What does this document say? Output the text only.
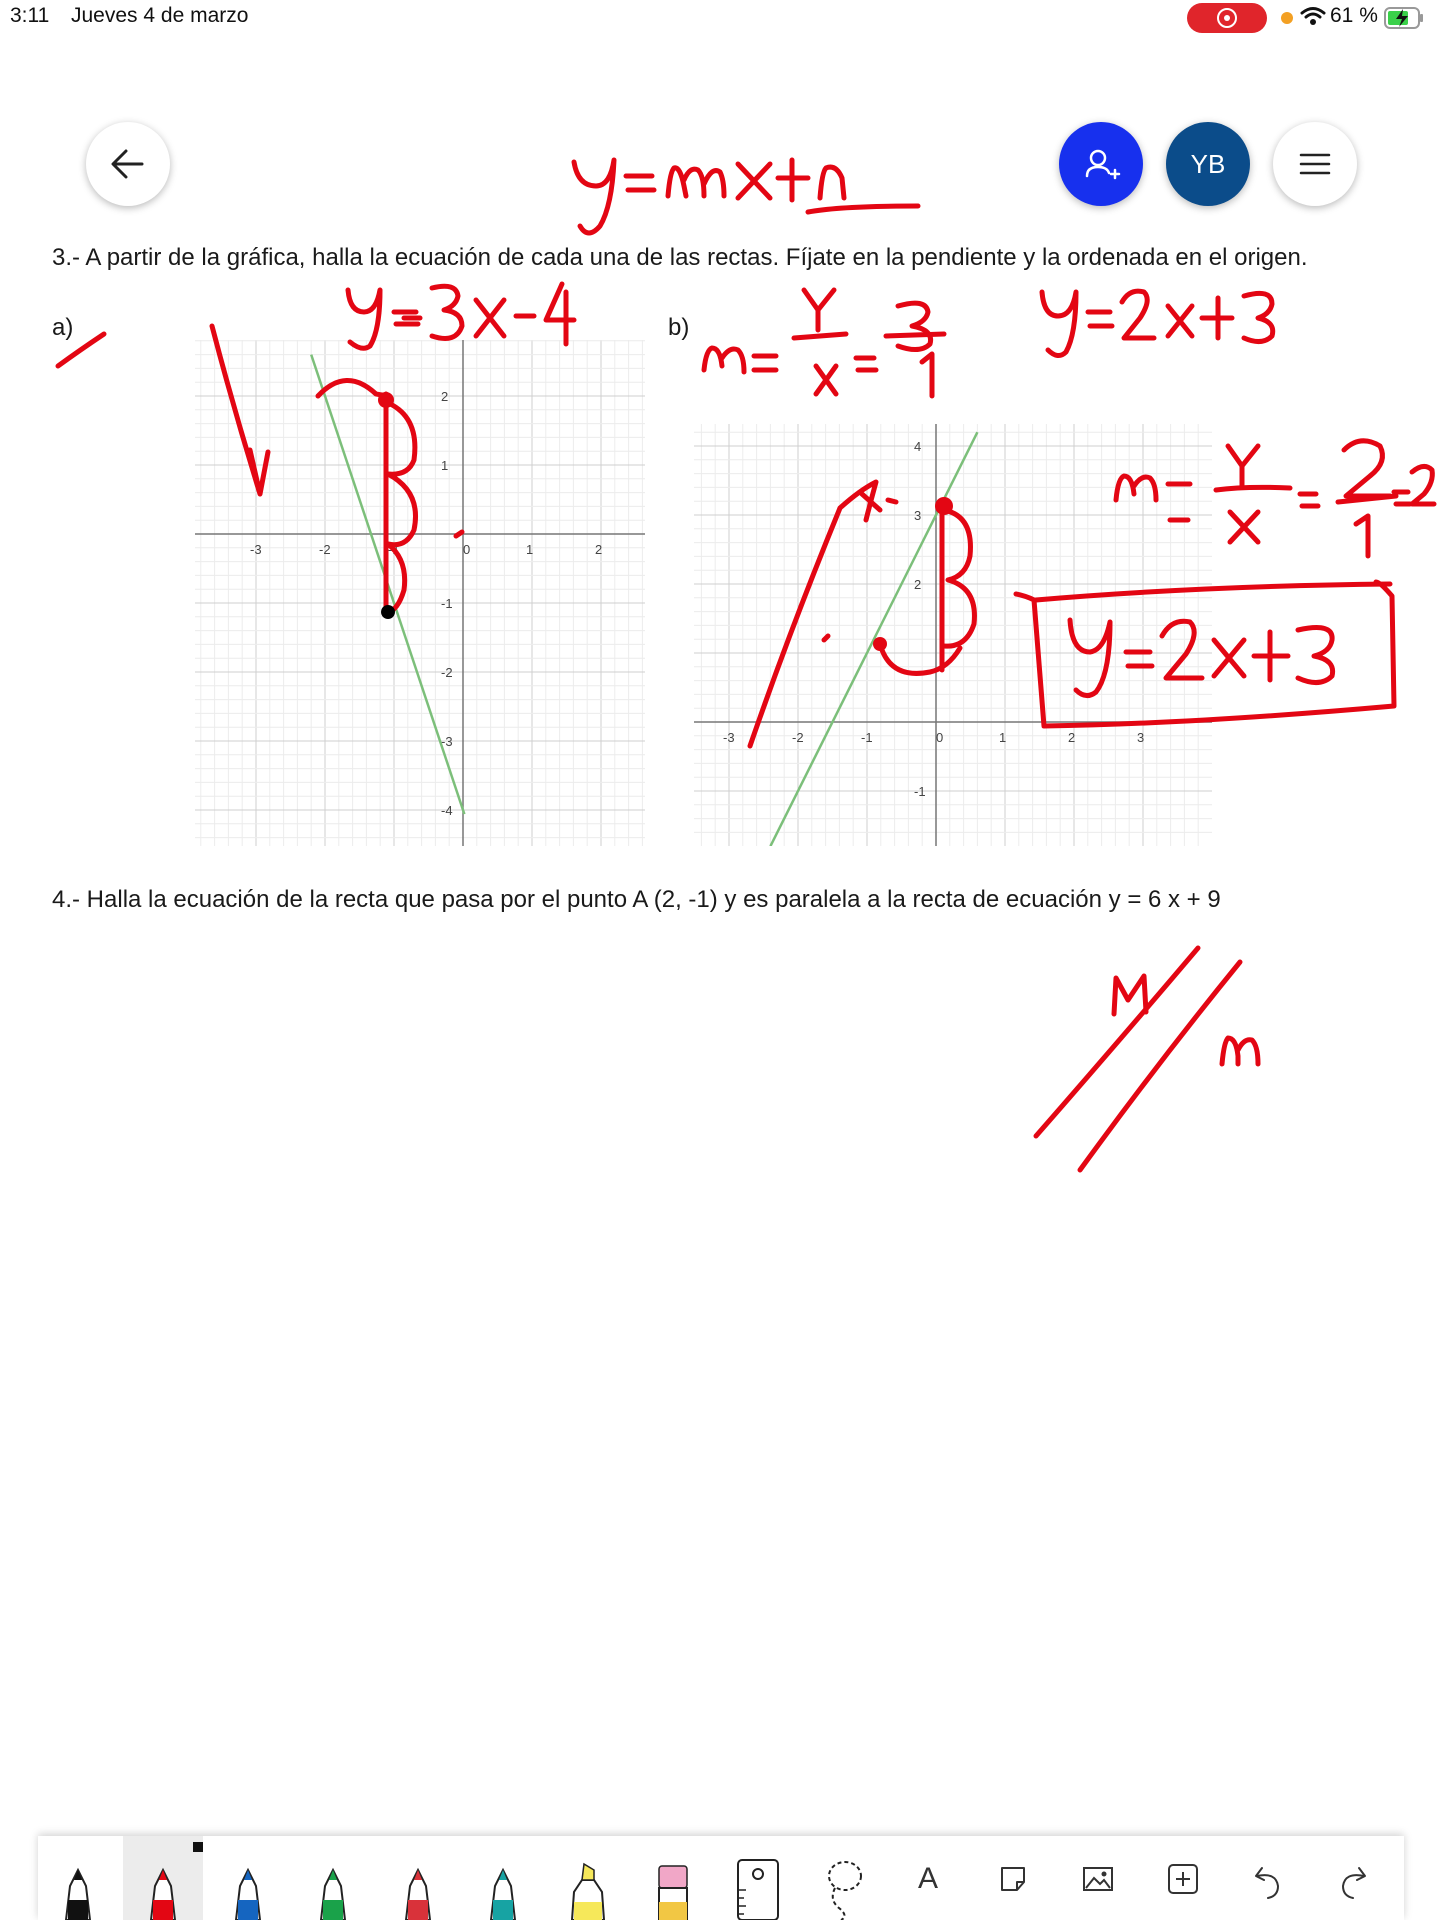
3:11 Jueves 4 de marzo	61 %
YB
3.- A partir de la gráfica, halla la ecuación de cada una de las rectas. Fíjate en la pendiente y la ordenada en el origen.
a)	b)
-3	-2	-1	0	1	2
2
1
-1
-2
-3
-4
-3	-2	-1	0	1	2	3
4
3
2
-1
4.- Halla la ecuación de la recta que pasa por el punto A (2, -1) y es paralela a la recta de ecuación y = 6 x + 9
A
